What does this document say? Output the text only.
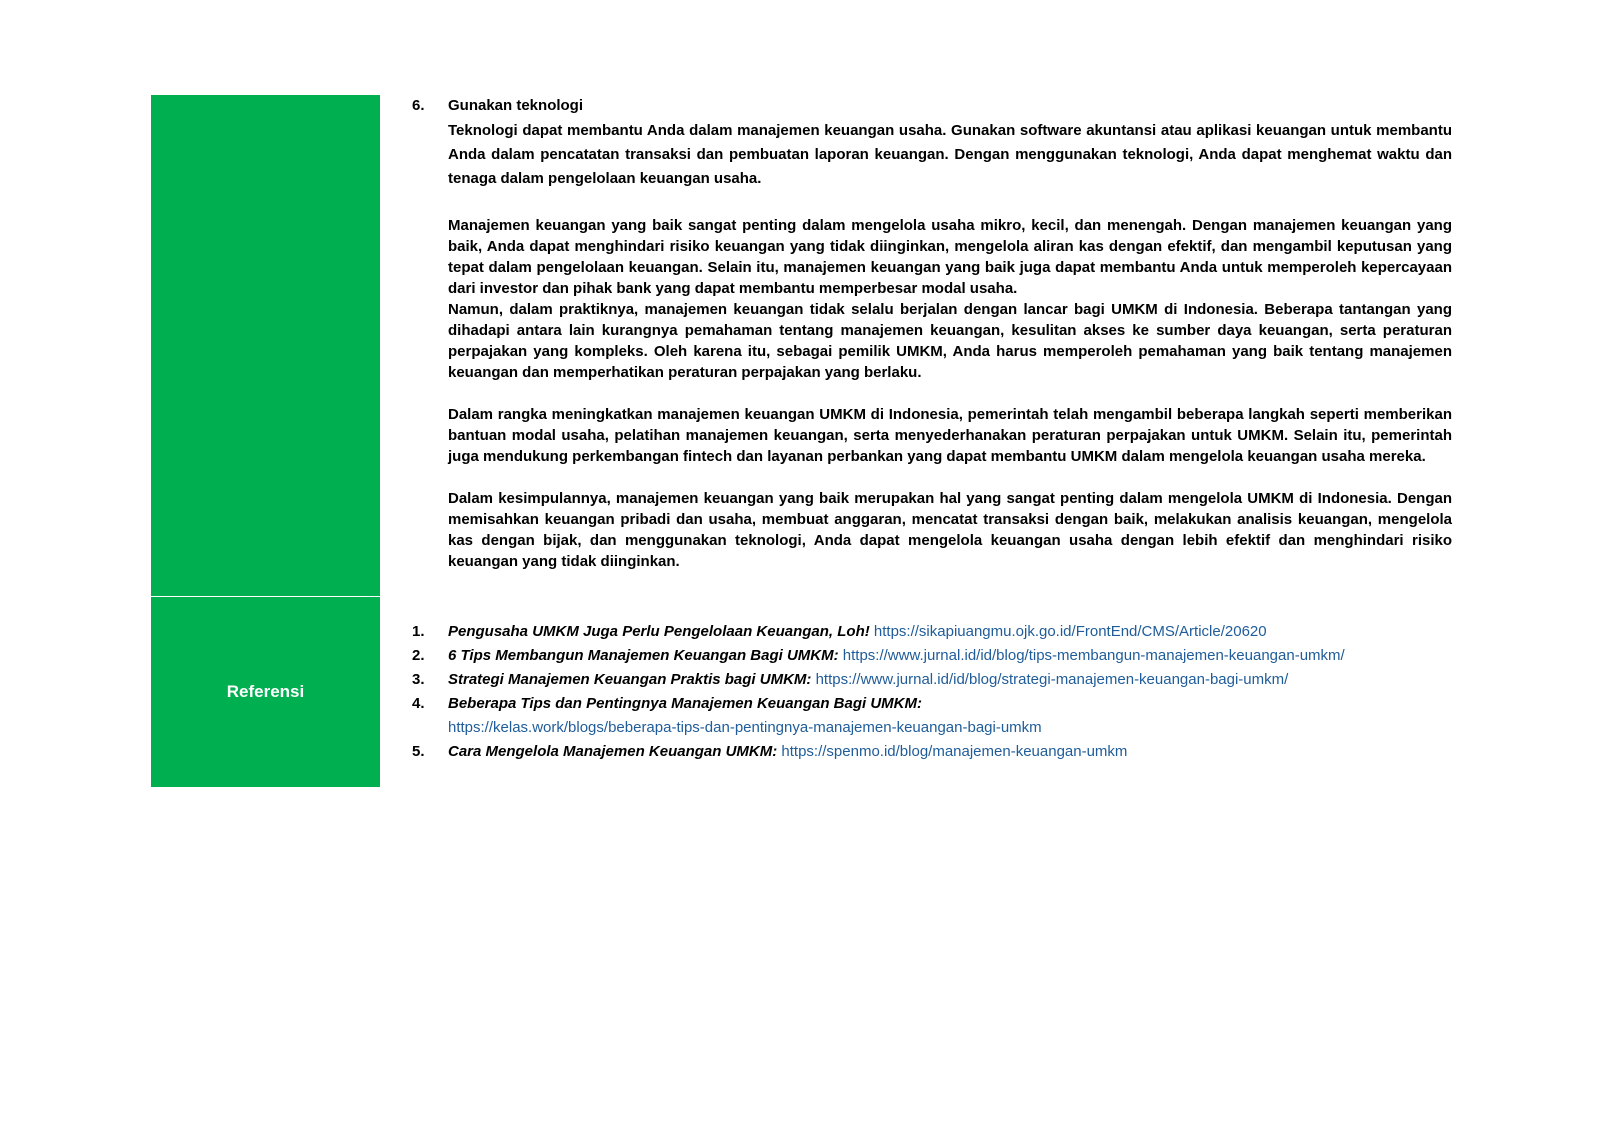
Referensi
6.	Gunakan teknologi
Teknologi dapat membantu Anda dalam manajemen keuangan usaha. Gunakan software akuntansi atau aplikasi keuangan untuk membantu Anda dalam pencatatan transaksi dan pembuatan laporan keuangan. Dengan menggunakan teknologi, Anda dapat menghemat waktu dan tenaga dalam pengelolaan keuangan usaha.
Manajemen keuangan yang baik sangat penting dalam mengelola usaha mikro, kecil, dan menengah. Dengan manajemen keuangan yang baik, Anda dapat menghindari risiko keuangan yang tidak diinginkan, mengelola aliran kas dengan efektif, dan mengambil keputusan yang tepat dalam pengelolaan keuangan. Selain itu, manajemen keuangan yang baik juga dapat membantu Anda untuk memperoleh kepercayaan dari investor dan pihak bank yang dapat membantu memperbesar modal usaha.
Namun, dalam praktiknya, manajemen keuangan tidak selalu berjalan dengan lancar bagi UMKM di Indonesia. Beberapa tantangan yang dihadapi antara lain kurangnya pemahaman tentang manajemen keuangan, kesulitan akses ke sumber daya keuangan, serta peraturan perpajakan yang kompleks. Oleh karena itu, sebagai pemilik UMKM, Anda harus memperoleh pemahaman yang baik tentang manajemen keuangan dan memperhatikan peraturan perpajakan yang berlaku.
Dalam rangka meningkatkan manajemen keuangan UMKM di Indonesia, pemerintah telah mengambil beberapa langkah seperti memberikan bantuan modal usaha, pelatihan manajemen keuangan, serta menyederhanakan peraturan perpajakan untuk UMKM. Selain itu, pemerintah juga mendukung perkembangan fintech dan layanan perbankan yang dapat membantu UMKM dalam mengelola keuangan usaha mereka.
Dalam kesimpulannya, manajemen keuangan yang baik merupakan hal yang sangat penting dalam mengelola UMKM di Indonesia. Dengan memisahkan keuangan pribadi dan usaha, membuat anggaran, mencatat transaksi dengan baik, melakukan analisis keuangan, mengelola kas dengan bijak, dan menggunakan teknologi, Anda dapat mengelola keuangan usaha dengan lebih efektif dan menghindari risiko keuangan yang tidak diinginkan.
1.	Pengusaha UMKM Juga Perlu Pengelolaan Keuangan, Loh! https://sikapiuangmu.ojk.go.id/FrontEnd/CMS/Article/20620
2.	6 Tips Membangun Manajemen Keuangan Bagi UMKM: https://www.jurnal.id/id/blog/tips-membangun-manajemen-keuangan-umkm/
3.	Strategi Manajemen Keuangan Praktis bagi UMKM: https://www.jurnal.id/id/blog/strategi-manajemen-keuangan-bagi-umkm/
4.	Beberapa Tips dan Pentingnya Manajemen Keuangan Bagi UMKM:
https://kelas.work/blogs/beberapa-tips-dan-pentingnya-manajemen-keuangan-bagi-umkm
5.	Cara Mengelola Manajemen Keuangan UMKM: https://spenmo.id/blog/manajemen-keuangan-umkm
